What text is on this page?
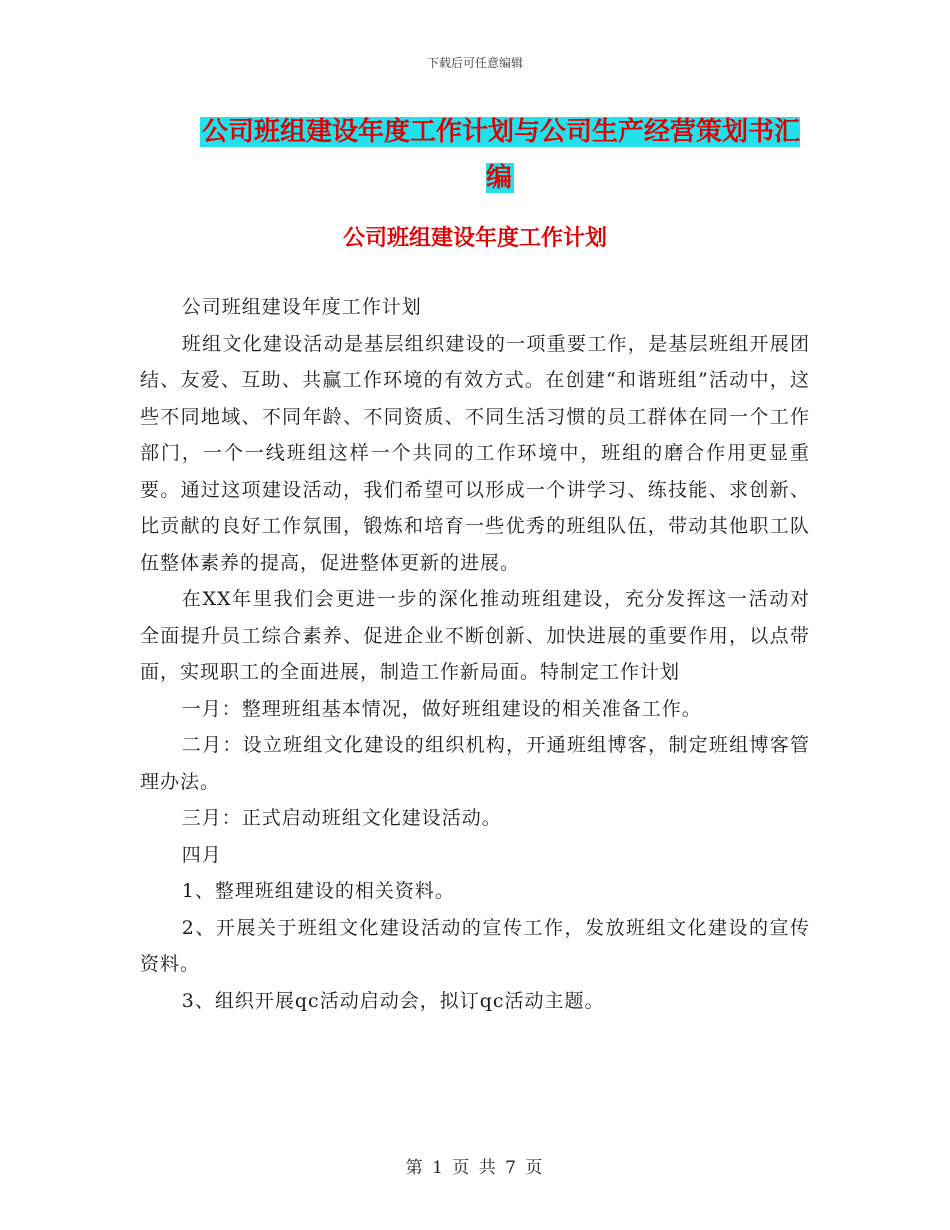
下载后可任意编辑
公司班组建设年度工作计划与公司生产经营策划书汇编
公司班组建设年度工作计划

公司班组建设年度工作计划

班组文化建设活动是基层组织建设的一项重要工作，是基层班组开展团结、友爱、互助、共赢工作环境的有效方式。在创建“和谐班组”活动中，这些不同地域、不同年龄、不同资质、不同生活习惯的员工群体在同一个工作部门，一个一线班组这样一个共同的工作环境中，班组的磨合作用更显重要。通过这项建设活动，我们希望可以形成一个讲学习、练技能、求创新、比贡献的良好工作氛围，锻炼和培育一些优秀的班组队伍，带动其他职工队伍整体素养的提高，促进整体更新的进展。

在XX年里我们会更进一步的深化推动班组建设，充分发挥这一活动对全面提升员工综合素养、促进企业不断创新、加快进展的重要作用，以点带面，实现职工的全面进展，制造工作新局面。特制定工作计划

一月：整理班组基本情况，做好班组建设的相关准备工作。

二月：设立班组文化建设的组织机构，开通班组博客，制定班组博客管理办法。

三月：正式启动班组文化建设活动。

四月

1、整理班组建设的相关资料。

2、开展关于班组文化建设活动的宣传工作，发放班组文化建设的宣传资料。

3、组织开展qc活动启动会，拟订qc活动主题。

第 1 页 共 7 页
